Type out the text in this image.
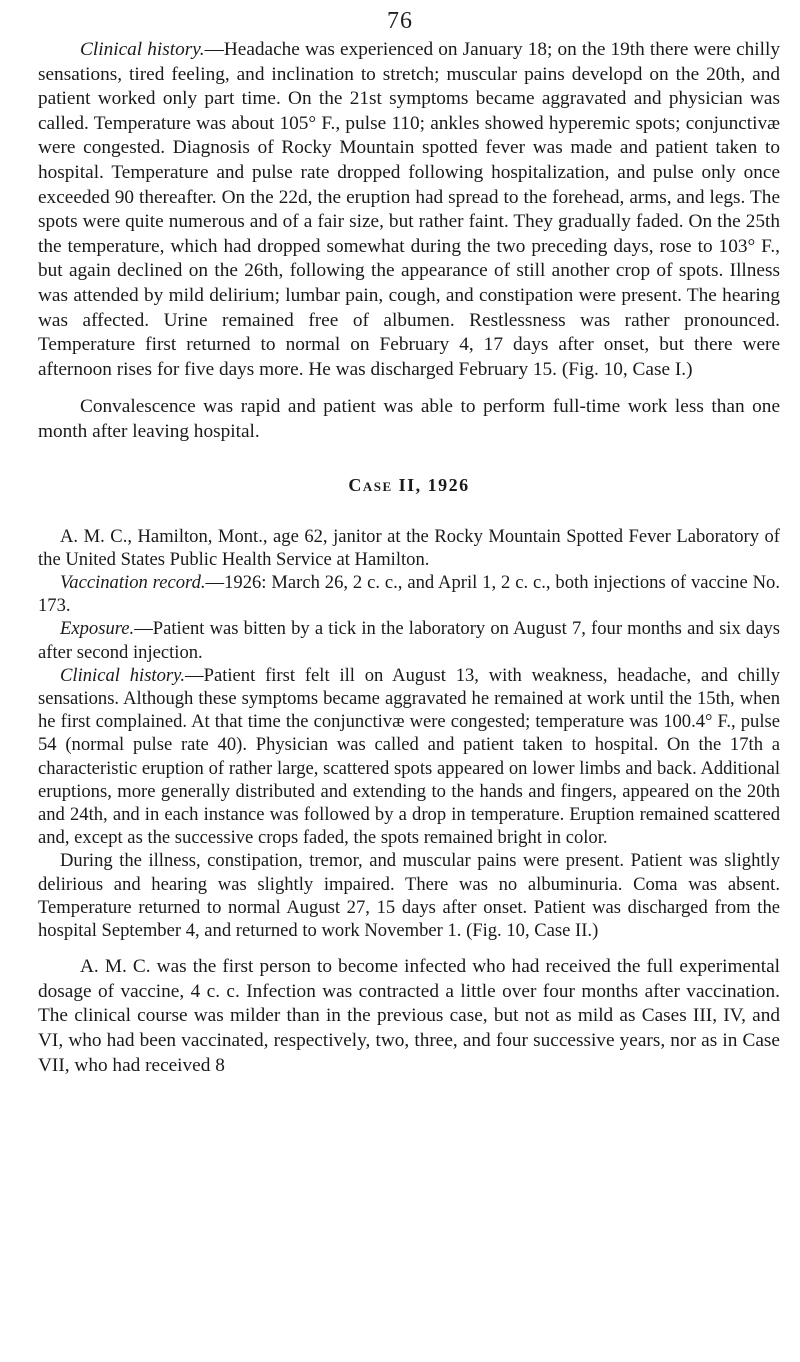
76

Clinical history.—Headache was experienced on January 18; on the 19th there were chilly sensations, tired feeling, and inclination to stretch; muscular pains developd on the 20th, and patient worked only part time. On the 21st symptoms became aggravated and physician was called. Temperature was about 105° F., pulse 110; ankles showed hyperemic spots; conjunctivæ were congested. Diagnosis of Rocky Mountain spotted fever was made and patient taken to hospital. Temperature and pulse rate dropped following hospitalization, and pulse only once exceeded 90 thereafter. On the 22d, the eruption had spread to the forehead, arms, and legs. The spots were quite numerous and of a fair size, but rather faint. They gradually faded. On the 25th the temperature, which had dropped somewhat during the two preceding days, rose to 103° F., but again declined on the 26th, following the appearance of still another crop of spots. Illness was attended by mild delirium; lumbar pain, cough, and constipation were present. The hearing was affected. Urine remained free of albumen. Restlessness was rather pronounced. Temperature first returned to normal on February 4, 17 days after onset, but there were afternoon rises for five days more. He was discharged February 15. (Fig. 10, Case I.)

Convalescence was rapid and patient was able to perform full-time work less than one month after leaving hospital.

Case II, 1926

A. M. C., Hamilton, Mont., age 62, janitor at the Rocky Mountain Spotted Fever Laboratory of the United States Public Health Service at Hamilton.

Vaccination record.—1926: March 26, 2 c. c., and April 1, 2 c. c., both injections of vaccine No. 173.

Exposure.—Patient was bitten by a tick in the laboratory on August 7, four months and six days after second injection.

Clinical history.—Patient first felt ill on August 13, with weakness, headache, and chilly sensations. Although these symptoms became aggravated he remained at work until the 15th, when he first complained. At that time the conjunctivæ were congested; temperature was 100.4° F., pulse 54 (normal pulse rate 40). Physician was called and patient taken to hospital. On the 17th a characteristic eruption of rather large, scattered spots appeared on lower limbs and back. Additional eruptions, more generally distributed and extending to the hands and fingers, appeared on the 20th and 24th, and in each instance was followed by a drop in temperature. Eruption remained scattered and, except as the successive crops faded, the spots remained bright in color.

During the illness, constipation, tremor, and muscular pains were present. Patient was slightly delirious and hearing was slightly impaired. There was no albuminuria. Coma was absent. Temperature returned to normal August 27, 15 days after onset. Patient was discharged from the hospital September 4, and returned to work November 1. (Fig. 10, Case II.)

A. M. C. was the first person to become infected who had received the full experimental dosage of vaccine, 4 c. c. Infection was contracted a little over four months after vaccination. The clinical course was milder than in the previous case, but not as mild as Cases III, IV, and VI, who had been vaccinated, respectively, two, three, and four successive years, nor as in Case VII, who had received 8
